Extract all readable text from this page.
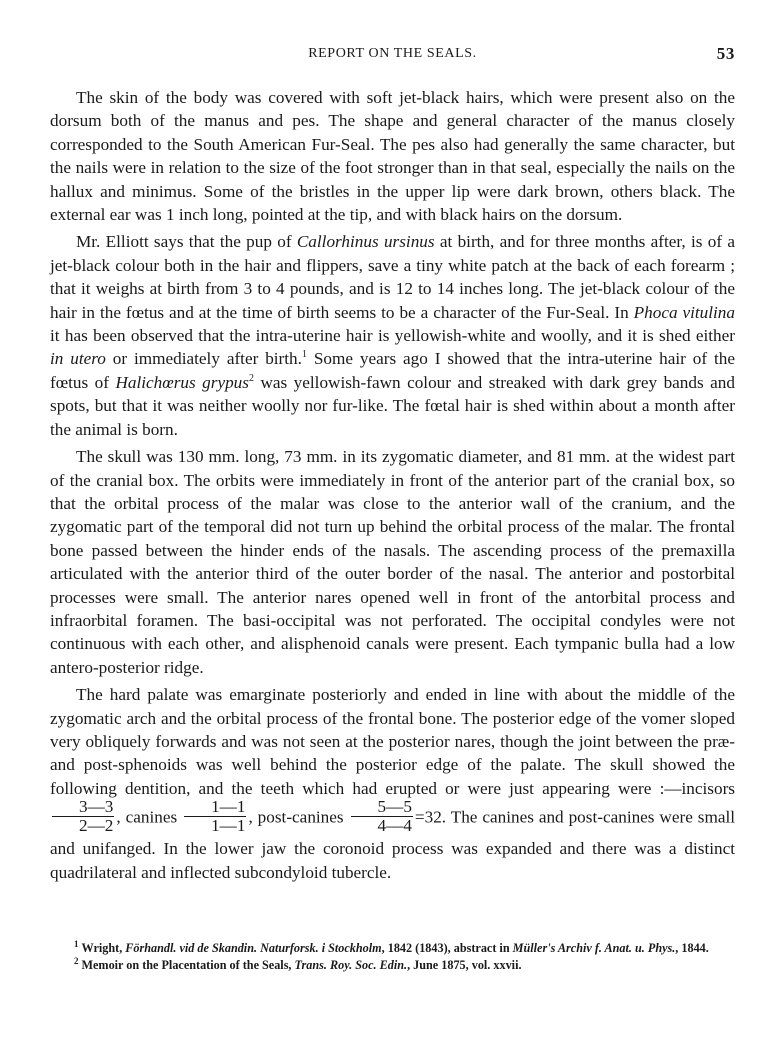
REPORT ON THE SEALS.	53

The skin of the body was covered with soft jet-black hairs, which were present also on the dorsum both of the manus and pes. The shape and general character of the manus closely corresponded to the South American Fur-Seal. The pes also had generally the same character, but the nails were in relation to the size of the foot stronger than in that seal, especially the nails on the hallux and minimus. Some of the bristles in the upper lip were dark brown, others black. The external ear was 1 inch long, pointed at the tip, and with black hairs on the dorsum.

Mr. Elliott says that the pup of Callorhinus ursinus at birth, and for three months after, is of a jet-black colour both in the hair and flippers, save a tiny white patch at the back of each forearm ; that it weighs at birth from 3 to 4 pounds, and is 12 to 14 inches long. The jet-black colour of the hair in the fœtus and at the time of birth seems to be a character of the Fur-Seal. In Phoca vitulina it has been observed that the intra-uterine hair is yellowish-white and woolly, and it is shed either in utero or immediately after birth.$^1$ Some years ago I showed that the intra-uterine hair of the fœtus of Halichœrus grypus$^2$ was yellowish-fawn colour and streaked with dark grey bands and spots, but that it was neither woolly nor fur-like. The fœtal hair is shed within about a month after the animal is born.

The skull was 130 mm. long, 73 mm. in its zygomatic diameter, and 81 mm. at the widest part of the cranial box. The orbits were immediately in front of the anterior part of the cranial box, so that the orbital process of the malar was close to the anterior wall of the cranium, and the zygomatic part of the temporal did not turn up behind the orbital process of the malar. The frontal bone passed between the hinder ends of the nasals. The ascending process of the premaxilla articulated with the anterior third of the outer border of the nasal. The anterior and postorbital processes were small. The anterior nares opened well in front of the antorbital process and infraorbital foramen. The basi-occipital was not perforated. The occipital condyles were not continuous with each other, and alisphenoid canals were present. Each tympanic bulla had a low antero-posterior ridge.

The hard palate was emarginate posteriorly and ended in line with about the middle of the zygomatic arch and the orbital process of the frontal bone. The posterior edge of the vomer sloped very obliquely forwards and was not seen at the posterior nares, though the joint between the præ- and post-sphenoids was well behind the posterior edge of the palate. The skull showed the following dentition, and the teeth which had erupted or were just appearing were :—incisors
$\frac{3—3}{2—2}$ , canines $\frac{1—1}{1—1}$ , post-canines $\frac{5—5}{4—4} =32$. The canines and post-canines were small and unifanged. In the lower jaw the coronoid process was expanded and there was a distinct quadrilateral and inflected subcondyloid tubercle.

$^1$ Wright, Förhandl. vid de Skandin. Naturforsk. i Stockholm, 1842 (1843), abstract in Müller's Archiv f. Anat. u. Phys., 1844.

$^2$ Memoir on the Placentation of the Seals, Trans. Roy. Soc. Edin., June 1875, vol. xxvii.
